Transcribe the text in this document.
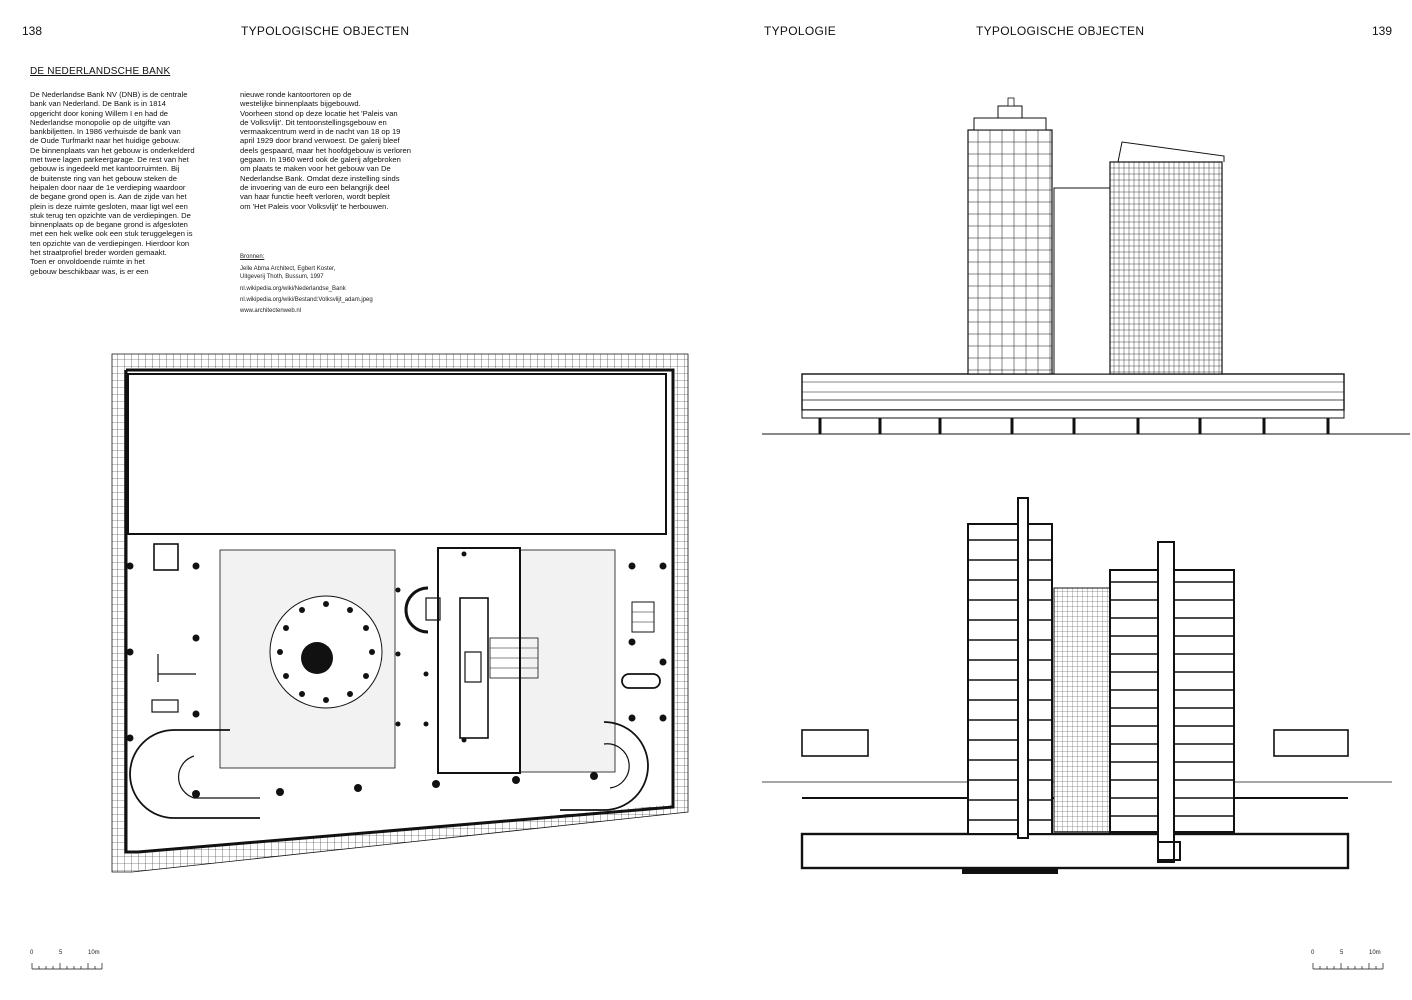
138	TYPOLOGISCHE OBJECTEN	TYPOLOGIE	TYPOLOGISCHE OBJECTEN	139
DE NEDERLANDSCHE BANK

De Nederlandse Bank NV (DNB) is de centrale

bank van Nederland. De Bank is in 1814

opgericht door koning Willem I en had de

Nederlandse monopolie op de uitgifte van

bankbiljetten. In 1986 verhuisde de bank van

de Oude Turfmarkt naar het huidige gebouw.

De binnenplaats van het gebouw is onderkelderd

met twee lagen parkeergarage. De rest van het

gebouw is ingedeeld met kantoorruimten. Bij

de buitenste ring van het gebouw steken de

heipalen door naar de 1e verdieping waardoor

de begane grond open is. Aan de zijde van het

plein is deze ruimte gesloten, maar ligt wel een

stuk terug ten opzichte van de verdiepingen. De

binnenplaats op de begane grond is afgesloten

met een hek welke ook een stuk teruggelegen is

ten opzichte van de verdiepingen. Hierdoor kon

het straatprofiel breder worden gemaakt.

Toen er onvoldoende ruimte in het

gebouw beschikbaar was, is er een

nieuwe ronde kantoortoren op de

westelijke binnenplaats bijgebouwd.

Voorheen stond op deze locatie het 'Paleis van

de Volksvlijt'. Dit tentoonstellingsgebouw en

vermaakcentrum werd in de nacht van 18 op 19

april 1929 door brand verwoest. De galerij bleef

deels gespaard, maar het hoofdgebouw is verloren

gegaan. In 1960 werd ook de galerij afgebroken

om plaats te maken voor het gebouw van De

Nederlandse Bank. Omdat deze instelling sinds

de invoering van de euro een belangrijk deel

van haar functie heeft verloren, wordt bepleit

om 'Het Paleis voor Volksvlijt' te herbouwen.

Bronnen:
Jelle Abma Architect, Egbert Koster,
Uitgeverij Thoth, Bussum, 1997
nl.wikipedia.org/wiki/Nederlandse_Bank
nl.wikipedia.org/wiki/Bestand:Volksvlijt_adam.jpeg
www.architectenweb.nl
0	5	10m	0	5	10m
